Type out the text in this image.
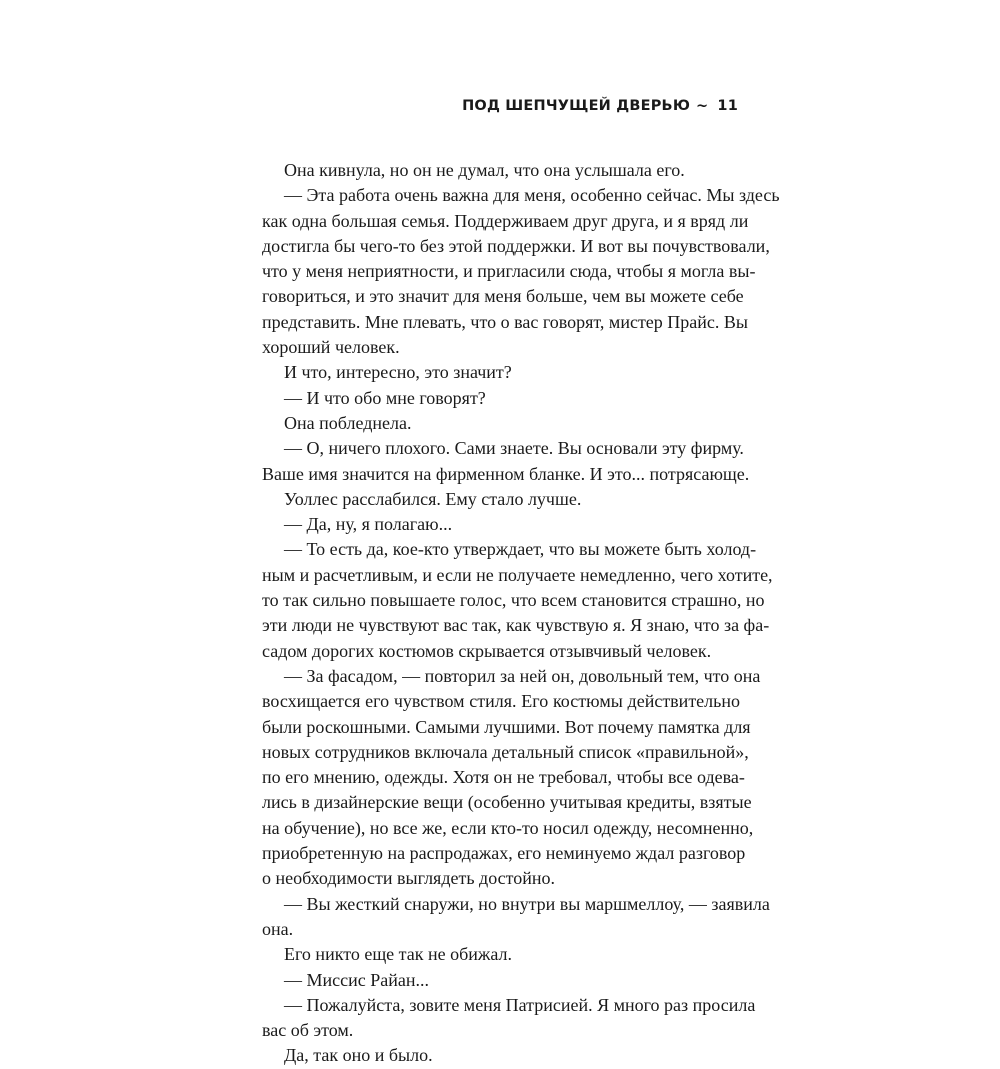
ПОД ШЕПЧУЩЕЙ ДВЕРЬЮ ~ 11
Она кивнула, но он не думал, что она услышала его.
— Эта работа очень важна для меня, особенно сейчас. Мы здесь
как одна большая семья. Поддерживаем друг друга, и я вряд ли
достигла бы чего-то без этой поддержки. И вот вы почувствовали,
что у меня неприятности, и пригласили сюда, чтобы я могла вы-
говориться, и это значит для меня больше, чем вы можете себе
представить. Мне плевать, что о вас говорят, мистер Прайс. Вы
хороший человек.
И что, интересно, это значит?
— И что обо мне говорят?
Она побледнела.
— О, ничего плохого. Сами знаете. Вы основали эту фирму.
Ваше имя значится на фирменном бланке. И это... потрясающе.
Уоллес расслабился. Ему стало лучше.
— Да, ну, я полагаю...
— То есть да, кое-кто утверждает, что вы можете быть холод-
ным и расчетливым, и если не получаете немедленно, чего хотите,
то так сильно повышаете голос, что всем становится страшно, но
эти люди не чувствуют вас так, как чувствую я. Я знаю, что за фа-
садом дорогих костюмов скрывается отзывчивый человек.
— За фасадом, — повторил за ней он, довольный тем, что она
восхищается его чувством стиля. Его костюмы действительно
были роскошными. Самыми лучшими. Вот почему памятка для
новых сотрудников включала детальный список «правильной»,
по его мнению, одежды. Хотя он не требовал, чтобы все одева-
лись в дизайнерские вещи (особенно учитывая кредиты, взятые
на обучение), но все же, если кто-то носил одежду, несомненно,
приобретенную на распродажах, его неминуемо ждал разговор
о необходимости выглядеть достойно.
— Вы жесткий снаружи, но внутри вы маршмеллоу, — заявила
она.
Его никто еще так не обижал.
— Миссис Райан...
— Пожалуйста, зовите меня Патрисией. Я много раз просила
вас об этом.
Да, так оно и было.
